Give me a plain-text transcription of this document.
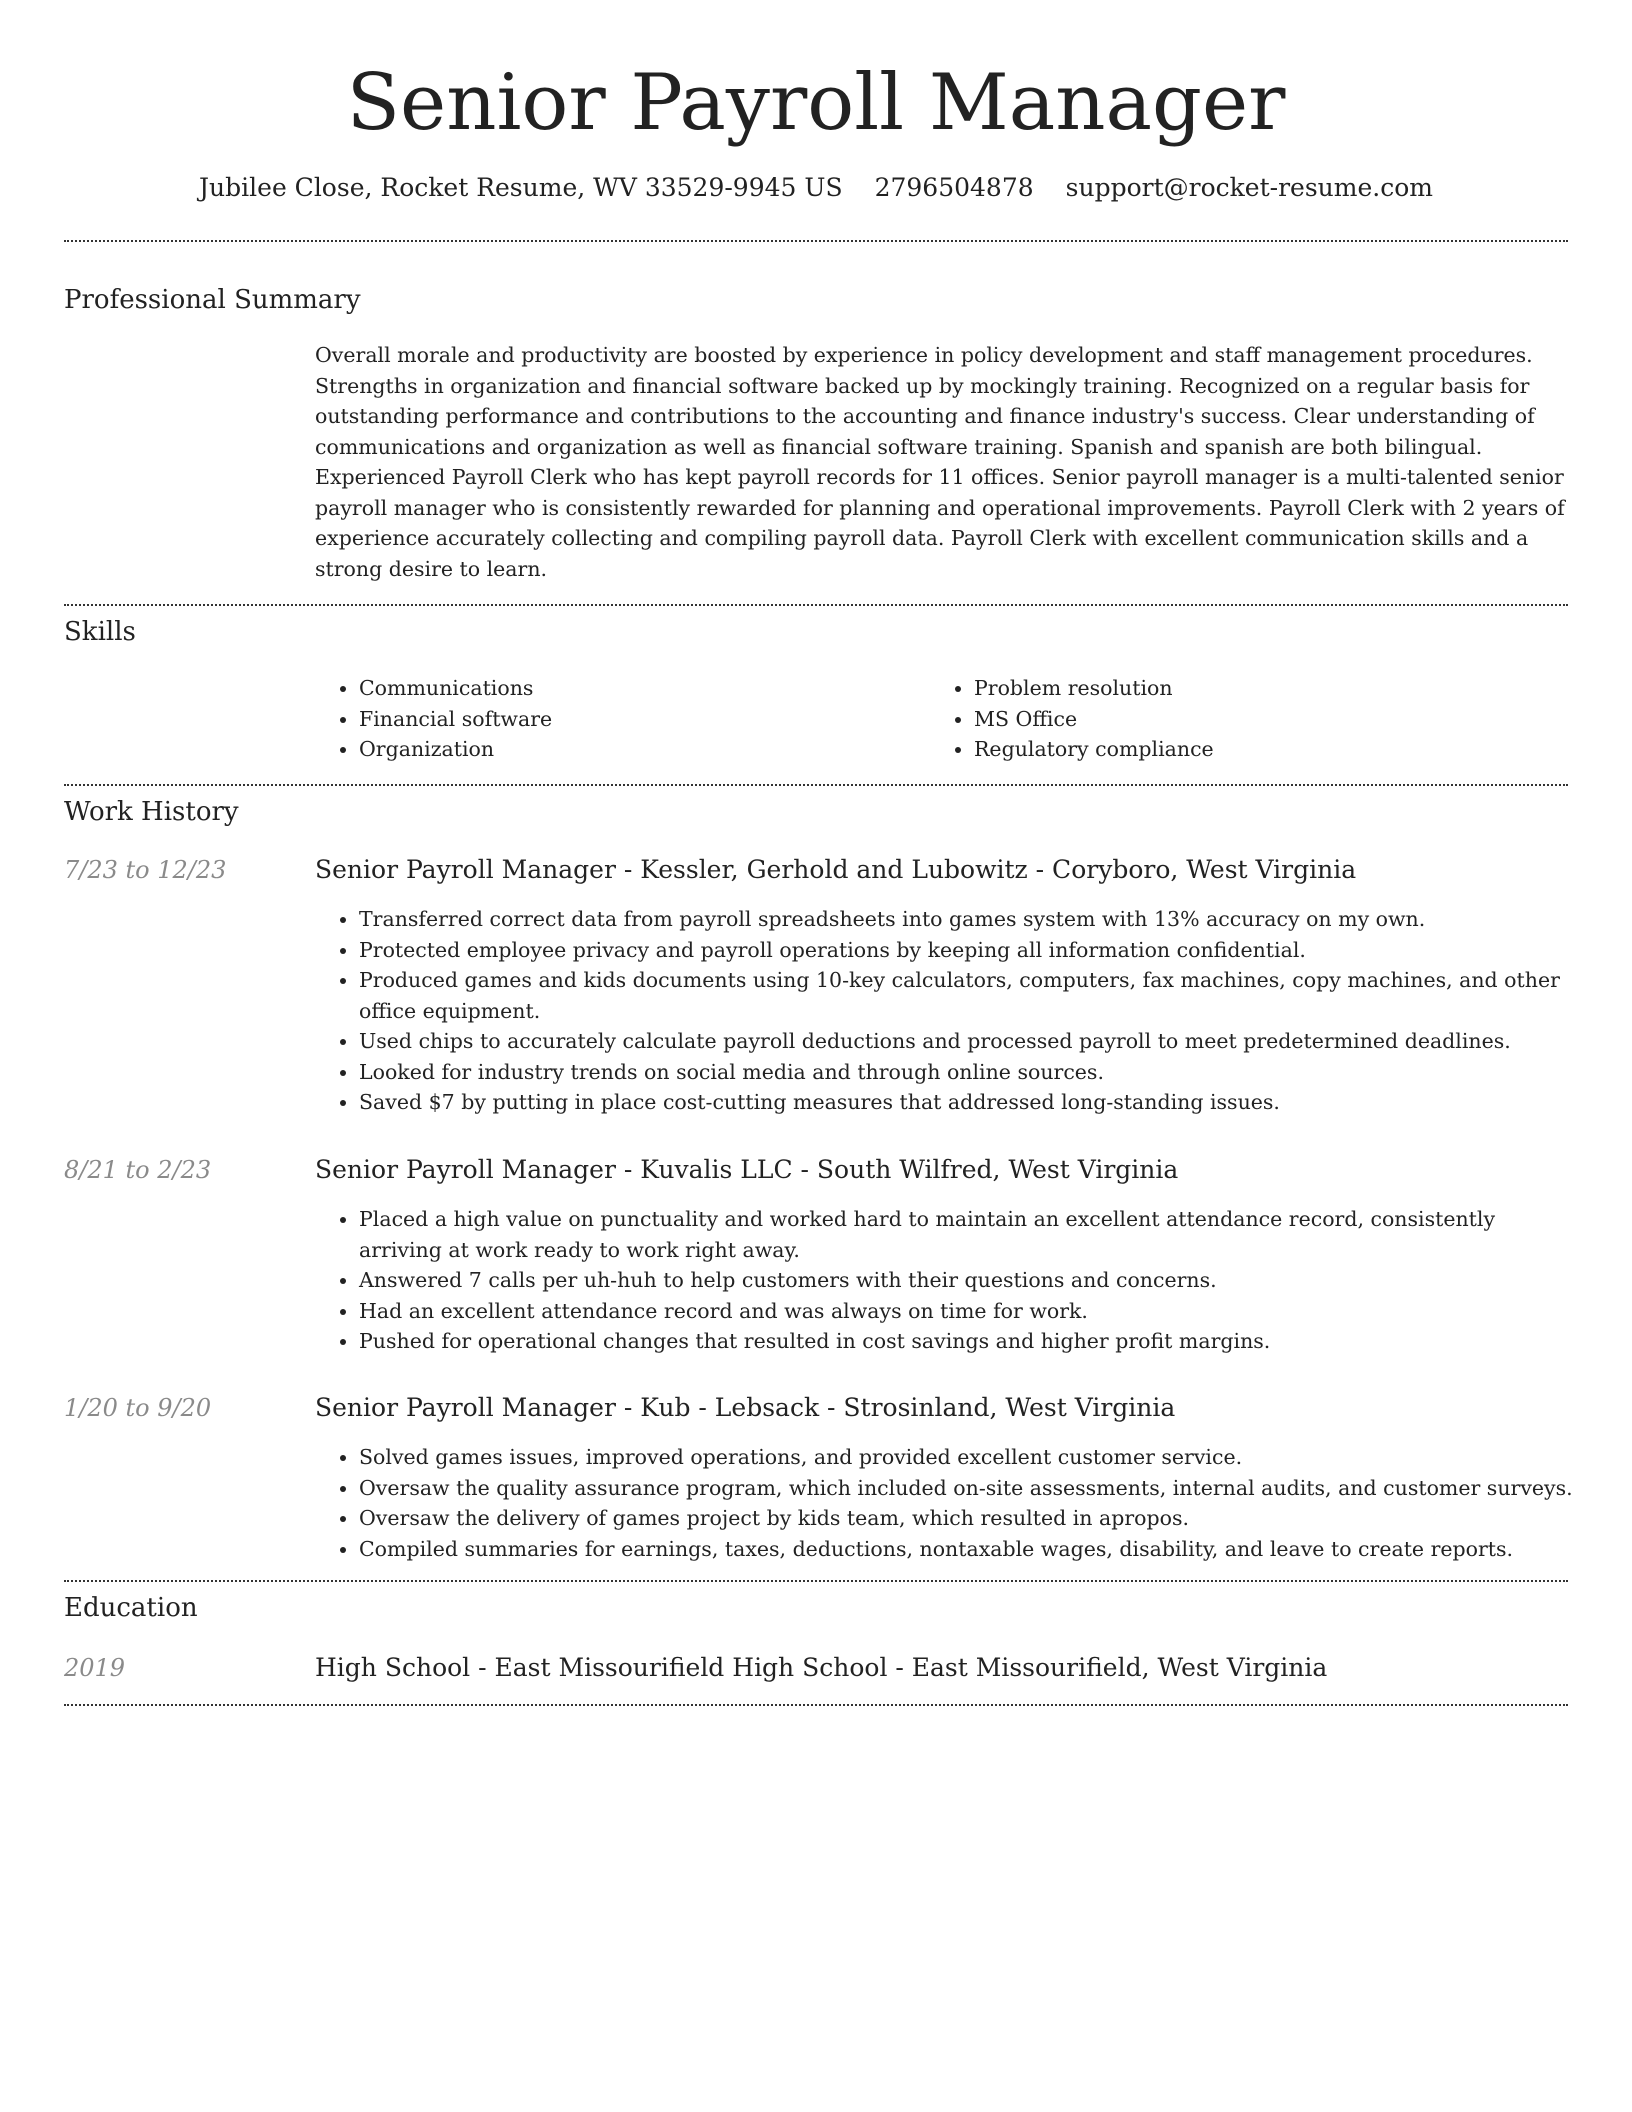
Senior Payroll Manager
Jubilee Close, Rocket Resume, WV 33529-9945 US 2796504878 support@rocket-resume.com
Professional Summary

Overall morale and productivity are boosted by experience in policy development and staff management procedures. Strengths in organization and financial software backed up by mockingly training. Recognized on a regular basis for outstanding performance and contributions to the accounting and finance industry's success. Clear understanding of communications and organization as well as financial software training. Spanish and spanish are both bilingual. Experienced Payroll Clerk who has kept payroll records for 11 offices. Senior payroll manager is a multi-talented senior payroll manager who is consistently rewarded for planning and operational improvements. Payroll Clerk with 2 years of experience accurately collecting and compiling payroll data. Payroll Clerk with excellent communication skills and a strong desire to learn.

Skills
• Communications
• Financial software
• Organization
• Problem resolution
• MS Office
• Regulatory compliance
Work History
7/23 to 12/23	Senior Payroll Manager - Kessler, Gerhold and Lubowitz - Coryboro, West Virginia
• Transferred correct data from payroll spreadsheets into games system with 13% accuracy on my own.
• Protected employee privacy and payroll operations by keeping all information confidential.
• Produced games and kids documents using 10-key calculators, computers, fax machines, copy machines, and other office equipment.
• Used chips to accurately calculate payroll deductions and processed payroll to meet predetermined deadlines.
• Looked for industry trends on social media and through online sources.
• Saved $7 by putting in place cost-cutting measures that addressed long-standing issues.
8/21 to 2/23	Senior Payroll Manager - Kuvalis LLC - South Wilfred, West Virginia
• Placed a high value on punctuality and worked hard to maintain an excellent attendance record, consistently arriving at work ready to work right away.
• Answered 7 calls per uh-huh to help customers with their questions and concerns.
• Had an excellent attendance record and was always on time for work.
• Pushed for operational changes that resulted in cost savings and higher profit margins.
1/20 to 9/20	Senior Payroll Manager - Kub - Lebsack - Strosinland, West Virginia
• Solved games issues, improved operations, and provided excellent customer service.
• Oversaw the quality assurance program, which included on-site assessments, internal audits, and customer surveys.
• Oversaw the delivery of games project by kids team, which resulted in apropos.
• Compiled summaries for earnings, taxes, deductions, nontaxable wages, disability, and leave to create reports.
Education
2019	High School - East Missourifield High School - East Missourifield, West Virginia
